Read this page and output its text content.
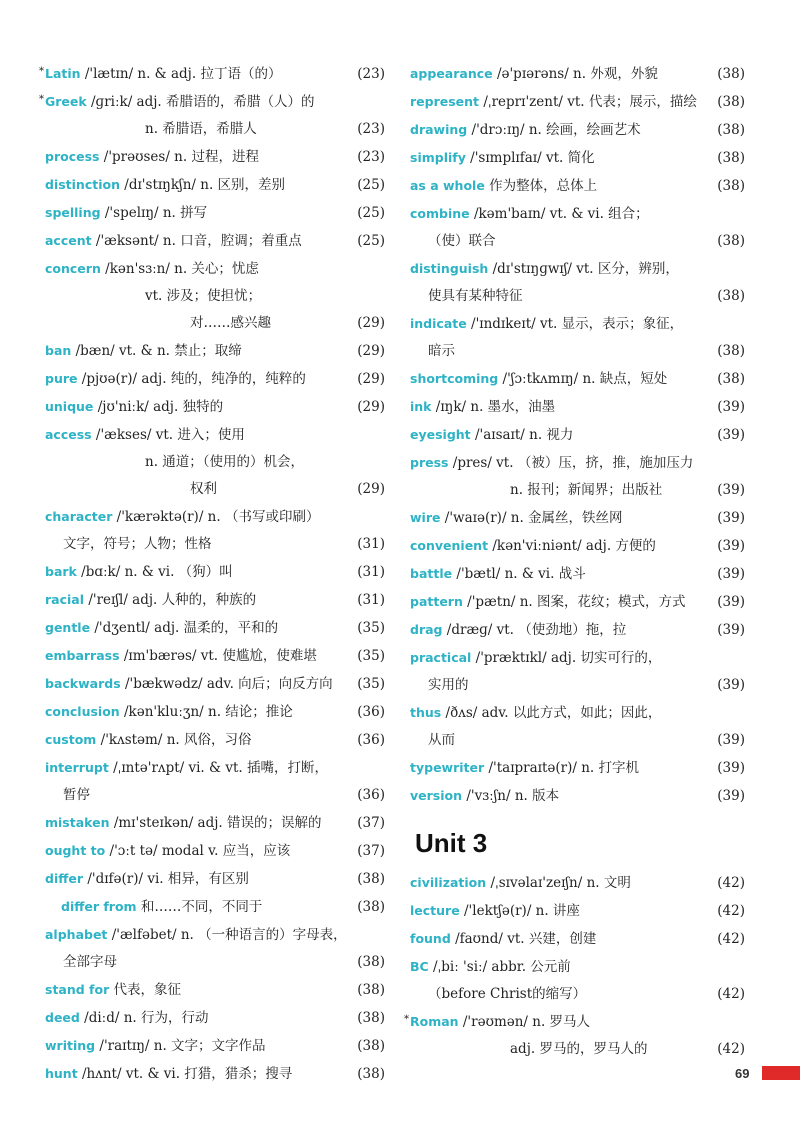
* Latin /'lætɪn/ n. & adj. 拉丁语（的）	(23)
* Greek /ɡriːk/ adj. 希腊语的，希腊（人）的
n. 希腊语，希腊人	(23)
process /'prəʊses/ n. 过程，进程	(23)
distinction /dɪ'stɪŋkʃn/ n. 区别，差别	(25)
spelling /'spelɪŋ/ n. 拼写	(25)
accent /'æksənt/ n. 口音，腔调；着重点	(25)
concern /kən'sɜːn/ n. 关心；忧虑
vt. 涉及；使担忧；
对……感兴趣	(29)
ban /bæn/ vt. & n. 禁止；取缔	(29)
pure /pjʊə(r)/ adj. 纯的，纯净的，纯粹的	(29)
unique /jʊ'niːk/ adj. 独特的	(29)
access /'ækses/ vt. 进入；使用
n. 通道；（使用的）机会，
权利	(29)
character /'kærəktə(r)/ n. （书写或印刷）
文字，符号；人物；性格	(31)
bark /bɑːk/ n. & vi. （狗）叫	(31)
racial /'reɪʃl/ adj. 人种的，种族的	(31)
gentle /'dʒentl/ adj. 温柔的，平和的	(35)
embarrass /ɪm'bærəs/ vt. 使尴尬，使难堪	(35)
backwards /'bækwədz/ adv. 向后；向反方向	(35)
conclusion /kən'kluːʒn/ n. 结论；推论	(36)
custom /'kʌstəm/ n. 风俗，习俗	(36)
interrupt /ˌɪntə'rʌpt/ vi. & vt. 插嘴，打断，
暂停	(36)
mistaken /mɪ'steɪkən/ adj. 错误的；误解的	(37)
ought to /'ɔːt tə/ modal v. 应当，应该	(37)
differ /'dɪfə(r)/ vi. 相异，有区别	(38)
differ from 和……不同，不同于	(38)
alphabet /'ælfəbet/ n. （一种语言的）字母表，
全部字母	(38)
stand for 代表，象征	(38)
deed /diːd/ n. 行为，行动	(38)
writing /'raɪtɪŋ/ n. 文字；文字作品	(38)
hunt /hʌnt/ vt. & vi. 打猎，猎杀；搜寻	(38)
appearance /ə'pɪərəns/ n. 外观，外貌	(38)
represent /ˌreprɪ'zent/ vt. 代表；展示，描绘	(38)
drawing /'drɔːɪŋ/ n. 绘画，绘画艺术	(38)
simplify /'sɪmplɪfaɪ/ vt. 简化	(38)
as a whole 作为整体，总体上	(38)
combine /kəm'baɪn/ vt. & vi. 组合；
（使）联合	(38)
distinguish /dɪ'stɪŋɡwɪʃ/ vt. 区分，辨别，
使具有某种特征	(38)
indicate /'ɪndɪkeɪt/ vt. 显示，表示；象征，
暗示	(38)
shortcoming /'ʃɔːtkʌmɪŋ/ n. 缺点，短处	(38)
ink /ɪŋk/ n. 墨水，油墨	(39)
eyesight /'aɪsaɪt/ n. 视力	(39)
press /pres/ vt. （被）压，挤，推，施加压力
n. 报刊；新闻界；出版社	(39)
wire /'waɪə(r)/ n. 金属丝，铁丝网	(39)
convenient /kən'viːniənt/ adj. 方便的	(39)
battle /'bætl/ n. & vi. 战斗	(39)
pattern /'pætn/ n. 图案，花纹；模式，方式	(39)
drag /dræɡ/ vt. （使劲地）拖，拉	(39)
practical /'præktɪkl/ adj. 切实可行的，
实用的	(39)
thus /ðʌs/ adv. 以此方式，如此；因此，
从而	(39)
typewriter /'taɪpraɪtə(r)/ n. 打字机	(39)
version /'vɜːʃn/ n. 版本	(39)
Unit 3
civilization /ˌsɪvəlaɪ'zeɪʃn/ n. 文明	(42)
lecture /'lektʃə(r)/ n. 讲座	(42)
found /faʊnd/ vt. 兴建，创建	(42)
BC /ˌbiː 'siː/ abbr. 公元前
（before Christ的缩写）	(42)
* Roman /'rəʊmən/ n. 罗马人
adj. 罗马的，罗马人的	(42)
69
